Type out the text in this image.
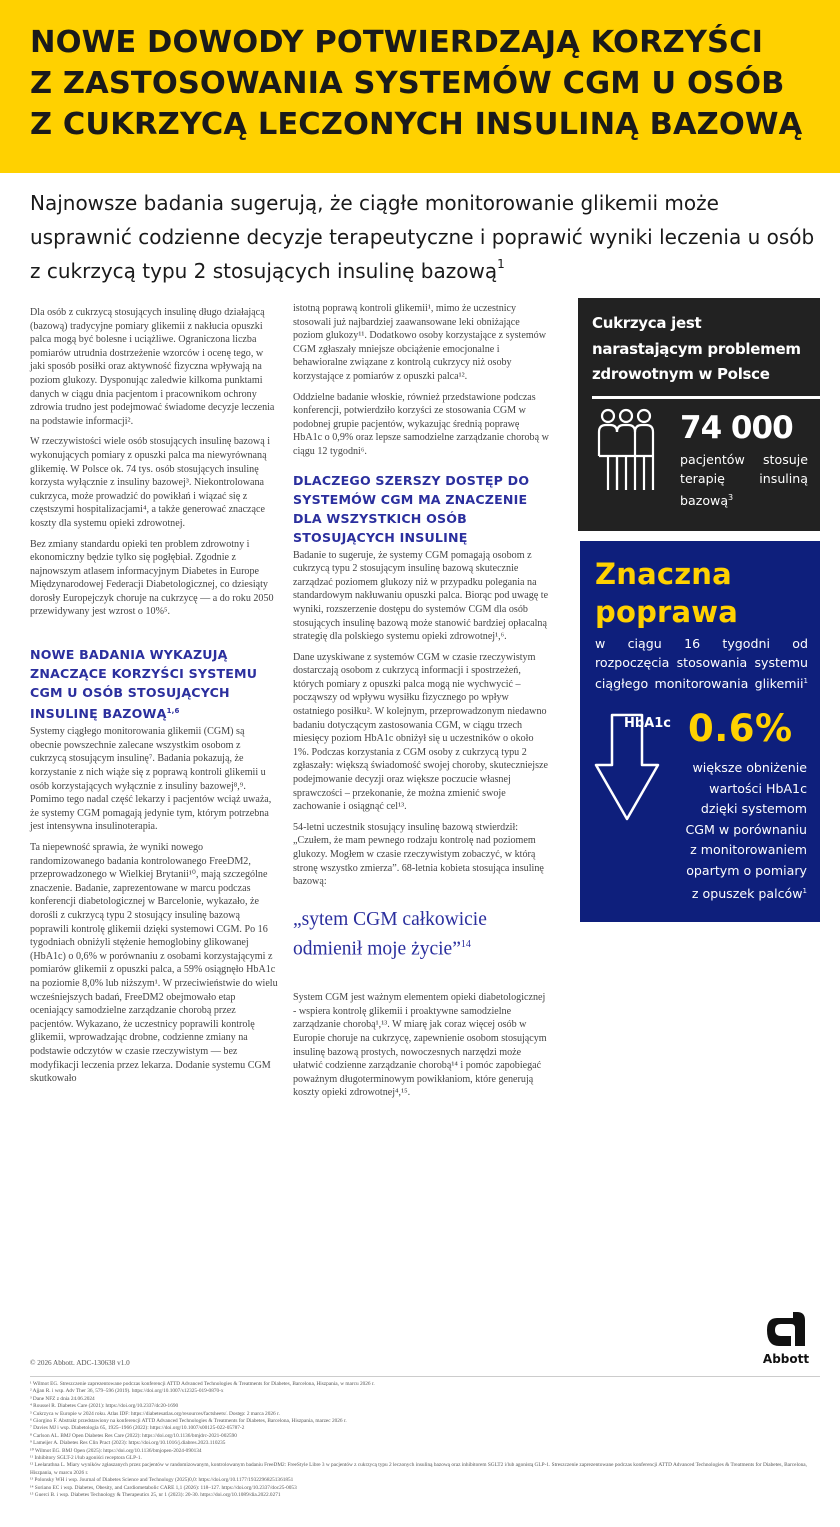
NOWE DOWODY POTWIERDZAJĄ KORZYŚCI
Z ZASTOSOWANIA SYSTEMÓW CGM U OSÓB
Z CUKRZYCĄ LECZONYCH INSULINĄ BAZOWĄ
Najnowsze badania sugerują, że ciągłe monitorowanie glikemii może usprawnić codzienne decyzje terapeutyczne i poprawić wyniki leczenia u osób z cukrzycą typu 2 stosujących insulinę bazową$^1$

Dla osób z cukrzycą stosujących insulinę długo działającą (bazową) tradycyjne pomiary glikemii z nakłucia opuszki palca mogą być bolesne i uciążliwe. Ograniczona liczba pomiarów utrudnia dostrzeżenie wzorców i ocenę tego, w jaki sposób posiłki oraz aktywność fizyczna wpływają na poziom glukozy. Dysponując zaledwie kilkoma punktami danych w ciągu dnia pacjentom i pracownikom ochrony zdrowia trudno jest podejmować świadome decyzje leczenia na podstawie informacji².

W rzeczywistości wiele osób stosujących insulinę bazową i wykonujących pomiary z opuszki palca ma niewyrównaną glikemię. W Polsce ok. 74 tys. osób stosujących insulinę korzysta wyłącznie z insuliny bazowej³. Niekontrolowana cukrzyca, może prowadzić do powikłań i wiązać się z częstszymi hospitalizacjami⁴, a także generować znaczące koszty dla systemu opieki zdrowotnej.

Bez zmiany standardu opieki ten problem zdrowotny i ekonomiczny będzie tylko się pogłębiał. Zgodnie z najnowszym atlasem informacyjnym Diabetes in Europe Międzynarodowej Federacji Diabetologicznej, co dziesiąty dorosły Europejczyk choruje na cukrzycę — a do roku 2050 przewidywany jest wzrost o 10%⁵.

NOWE BADANIA WYKAZUJĄ ZNACZĄCE KORZYŚCI SYSTEMU CGM U OSÓB STOSUJĄCYCH INSULINĘ BAZOWĄ$^{1,6}$

Systemy ciągłego monitorowania glikemii (CGM) są obecnie powszechnie zalecane wszystkim osobom z cukrzycą stosującym insulinę⁷. Badania pokazują, że korzystanie z nich wiąże się z poprawą kontroli glikemii u osób korzystających wyłącznie z insuliny bazowej⁸,⁹. Pomimo tego nadal część lekarzy i pacjentów wciąż uważa, że systemy CGM pomagają jedynie tym, którym potrzebna jest intensywna insulinoterapia.

Ta niepewność sprawia, że wyniki nowego randomizowanego badania kontrolowanego FreeDM2, przeprowadzonego w Wielkiej Brytanii¹⁰, mają szczególne znaczenie. Badanie, zaprezentowane w marcu podczas konferencji diabetologicznej w Barcelonie, wykazało, że dorośli z cukrzycą typu 2 stosujący insulinę bazową poprawili kontrolę glikemii dzięki systemowi CGM. Po 16 tygodniach obniżyli stężenie hemoglobiny glikowanej (HbA1c) o 0,6% w porównaniu z osobami korzystającymi z pomiarów glikemii z opuszki palca, a 59% osiągnęło HbA1c na poziomie 8,0% lub niższym¹. W przeciwieństwie do wielu wcześniejszych badań, FreeDM2 obejmowało etap oceniający samodzielne zarządzanie chorobą przez pacjentów. Wykazano, że uczestnicy poprawili kontrolę glikemii, wprowadzając drobne, codzienne zmiany na podstawie odczytów w czasie rzeczywistym — bez modyfikacji leczenia przez lekarza. Dodanie systemu CGM skutkowało

istotną poprawą kontroli glikemii¹, mimo że uczestnicy stosowali już najbardziej zaawansowane leki obniżające poziom glukozy¹¹. Dodatkowo osoby korzystające z systemów CGM zgłaszały mniejsze obciążenie emocjonalne i behawioralne związane z kontrolą cukrzycy niż osoby korzystające z pomiarów z opuszki palca¹².

Oddzielne badanie włoskie, również przedstawione podczas konferencji, potwierdziło korzyści ze stosowania CGM w podobnej grupie pacjentów, wykazując średnią poprawę HbA1c o 0,9% oraz lepsze samodzielne zarządzanie chorobą w ciągu 12 tygodni⁶.

DLACZEGO SZERSZY DOSTĘP DO SYSTEMÓW CGM MA ZNACZENIE DLA WSZYSTKICH OSÓB STOSUJĄCYCH INSULINĘ

Badanie to sugeruje, że systemy CGM pomagają osobom z cukrzycą typu 2 stosującym insulinę bazową skutecznie zarządzać poziomem glukozy niż w przypadku polegania na standardowym nakłuwaniu opuszki palca. Biorąc pod uwagę te wyniki, rozszerzenie dostępu do systemów CGM dla osób stosujących insulinę bazową może stanowić bardziej opłacalną strategię dla polskiego systemu opieki zdrowotnej¹,⁶.

Dane uzyskiwane z systemów CGM w czasie rzeczywistym dostarczają osobom z cukrzycą informacji i spostrzeżeń, których pomiary z opuszki palca mogą nie wychwycić – począwszy od wpływu wysiłku fizycznego po wpływ ostatniego posiłku². W kolejnym, przeprowadzonym niedawno badaniu dotyczącym zastosowania CGM, w ciągu trzech miesięcy poziom HbA1c obniżył się u uczestników o około 1%. Podczas korzystania z CGM osoby z cukrzycą typu 2 zgłaszały: większą świadomość swojej choroby, skuteczniejsze podejmowanie decyzji oraz większe poczucie własnej sprawczości – przekonanie, że można zmienić swoje zachowanie i osiągnąć cel¹³.

54-letni uczestnik stosujący insulinę bazową stwierdził: „Czułem, że mam pewnego rodzaju kontrolę nad poziomem glukozy. Mogłem w czasie rzeczywistym zobaczyć, w którą stronę wszystko zmierza”. 68-letnia kobieta stosująca insulinę bazową:

„sytem CGM całkowicie odmienił moje życie”$^{14}$

System CGM jest ważnym elementem opieki diabetologicznej - wspiera kontrolę glikemii i proaktywne samodzielne zarządzanie chorobą¹,¹³. W miarę jak coraz więcej osób w Europie choruje na cukrzycę, zapewnienie osobom stosującym insulinę bazową prostych, nowoczesnych narzędzi może ułatwić codzienne zarządzanie chorobą¹⁴ i pomóc zapobiegać poważnym długoterminowym powikłaniom, które generują koszty opieki zdrowotnej⁴,¹⁵.

Cukrzyca jest narastającym problemem zdrowotnym w Polsce
74 000
pacjentów stosuje terapię insuliną bazową$^3$
Znaczna
poprawa
w ciągu 16 tygodni od rozpoczęcia stosowania systemu ciągłego monitorowania glikemii$^1$
HbA1c 0.6%
większe obniżenie wartości HbA1c dzięki systemom CGM w porównaniu z monitorowaniem opartym o pomiary z opuszek palców$^1$
Abbott
© 2026 Abbott. ADC-130638 v1.0
¹ Wilmot EG. Streszczenie zaprezentowane podczas konferencji ATTD Advanced Technologies & Treatments for Diabetes, Barcelona, Hiszpania, w marcu 2026 r.
² Ajjan R. i wsp. Adv Ther 36, 579–596 (2019). https://doi.org/10.1007/s12325-019-0870-x
³ Dane NFZ z dnia 24.06.2024
⁴ Roussel R. Diabetes Care (2021): https://doi.org/10.2337/dc20-1690
⁵ Cukrzyca w Europie w 2024 roku. Atlas IDF: https://diabetesatlas.org/resources/factsheets/. Dostęp: 2 marca 2026 r.
⁶ Giorgino F. Abstrakt przedstawiony na konferencji ATTD Advanced Technologies & Treatments for Diabetes, Barcelona, Hiszpania, marzec 2026 r.
⁷ Davies MJ i wsp. Diabetologia 65, 1925–1966 (2022): https://doi.org/10.1007/s00125-022-05787-2
⁸ Carlson AL. BMJ Open Diabetes Res Care (2022): https://doi.org/10.1136/bmjdrc-2021-002590
⁹ Lameijer A. Diabetes Res Clin Pract (2023): https://doi.org/10.1016/j.diabres.2023.110235
¹⁰ Wilmot EG. BMJ Open (2025): https://doi.org/10.1136/bmjopen-2024-090134
¹¹ Inhibitory SGLT-2 i/lub agoniści receptora GLP-1.
¹² Leelarathna L. Miary wyników zgłaszanych przez pacjentów w randomizowanym, kontrolowanym badaniu FreeDM2: FreeStyle Libre 3 w pacjentów z cukrzycą typu 2 leczonych insuliną bazową oraz inhibitorem SGLT2 i/lub agonistą GLP-1. Streszczenie zaprezentowane podczas konferencji ATTD Advanced Technologies & Treatments for Diabetes, Barcelona, Hiszpania, w marcu 2026 r.
¹³ Polonsky WH i wsp. Journal of Diabetes Science and Technology (2025)0,0: https://doi.org/10.1177/19322968251361851
¹⁴ Soriano EC i wsp. Diabetes, Obesity, and Cardiometabolic CARE 1,1 (2026): 118–127. https://doi.org/10.2337/doc25-0053
¹⁵ Guerci B. i wsp. Diabetes Technology & Therapeutics 25, nr 1 (2023): 20-30. https://doi.org/10.1089/dia.2022.0271
